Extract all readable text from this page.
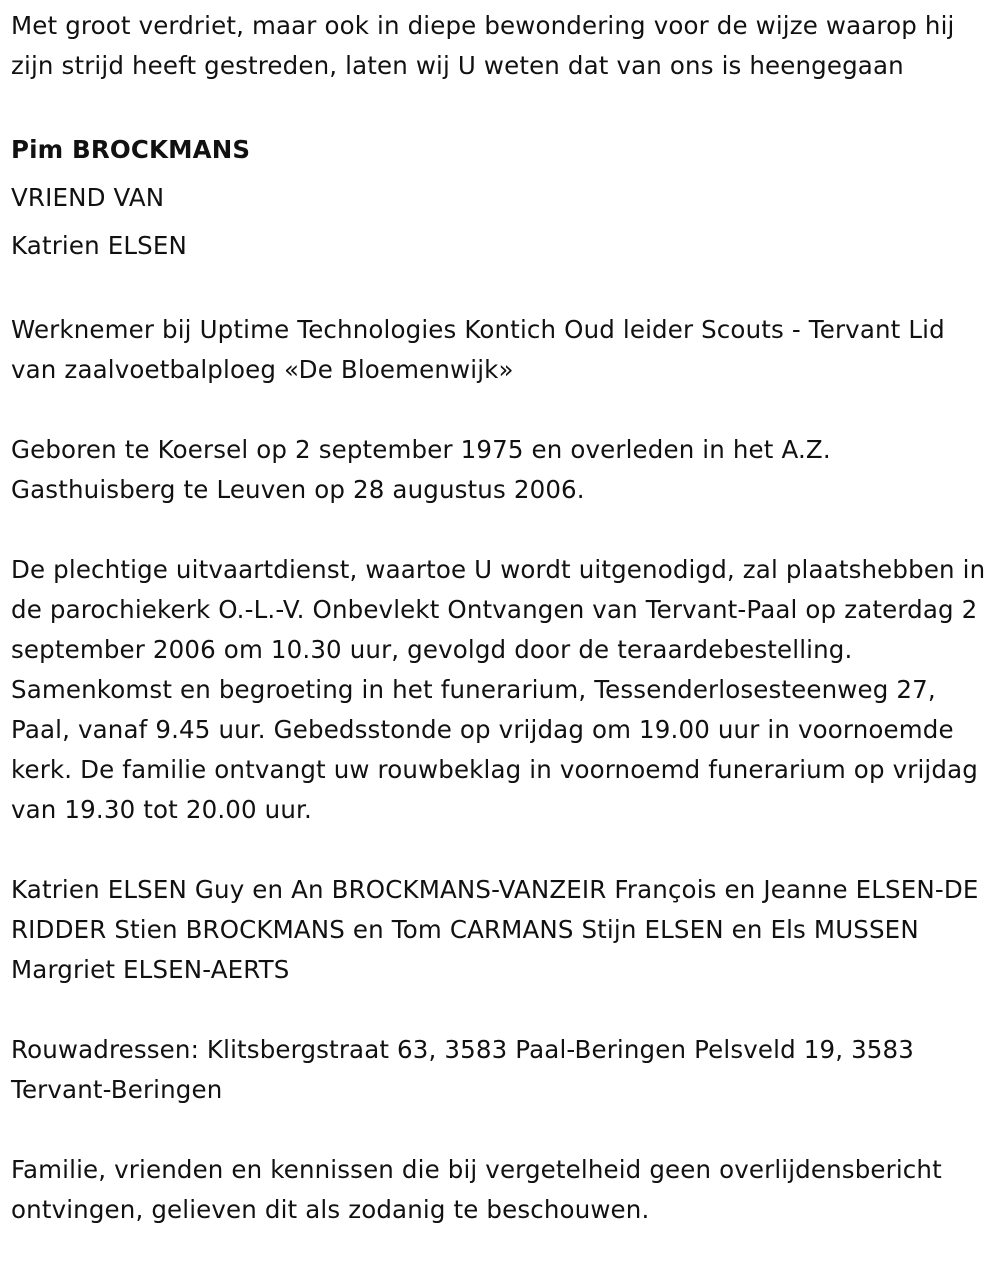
Met groot verdriet, maar ook in diepe bewondering voor de wijze waarop hij zijn strijd heeft gestreden, laten wij U weten dat van ons is heengegaan

Pim BROCKMANS

VRIEND VAN

Katrien ELSEN

Werknemer bij Uptime Technologies Kontich Oud leider Scouts - Tervant Lid van zaalvoetbalploeg «De Bloemenwijk»

Geboren te Koersel op 2 september 1975 en overleden in het A.Z. Gasthuisberg te Leuven op 28 augustus 2006.

De plechtige uitvaartdienst, waartoe U wordt uitgenodigd, zal plaatshebben in de parochiekerk O.-L.-V. Onbevlekt Ontvangen van Tervant-Paal op zaterdag 2 september 2006 om 10.30 uur, gevolgd door de teraardebestelling. Samenkomst en begroeting in het funerarium, Tessenderlosesteenweg 27, Paal, vanaf 9.45 uur. Gebedsstonde op vrijdag om 19.00 uur in voornoemde kerk. De familie ontvangt uw rouwbeklag in voornoemd funerarium op vrijdag van 19.30 tot 20.00 uur.

Katrien ELSEN Guy en An BROCKMANS-VANZEIR François en Jeanne ELSEN-DE RIDDER Stien BROCKMANS en Tom CARMANS Stijn ELSEN en Els MUSSEN Margriet ELSEN-AERTS

Rouwadressen: Klitsbergstraat 63, 3583 Paal-Beringen Pelsveld 19, 3583 Tervant-Beringen

Familie, vrienden en kennissen die bij vergetelheid geen overlijdensbericht ontvingen, gelieven dit als zodanig te beschouwen.
